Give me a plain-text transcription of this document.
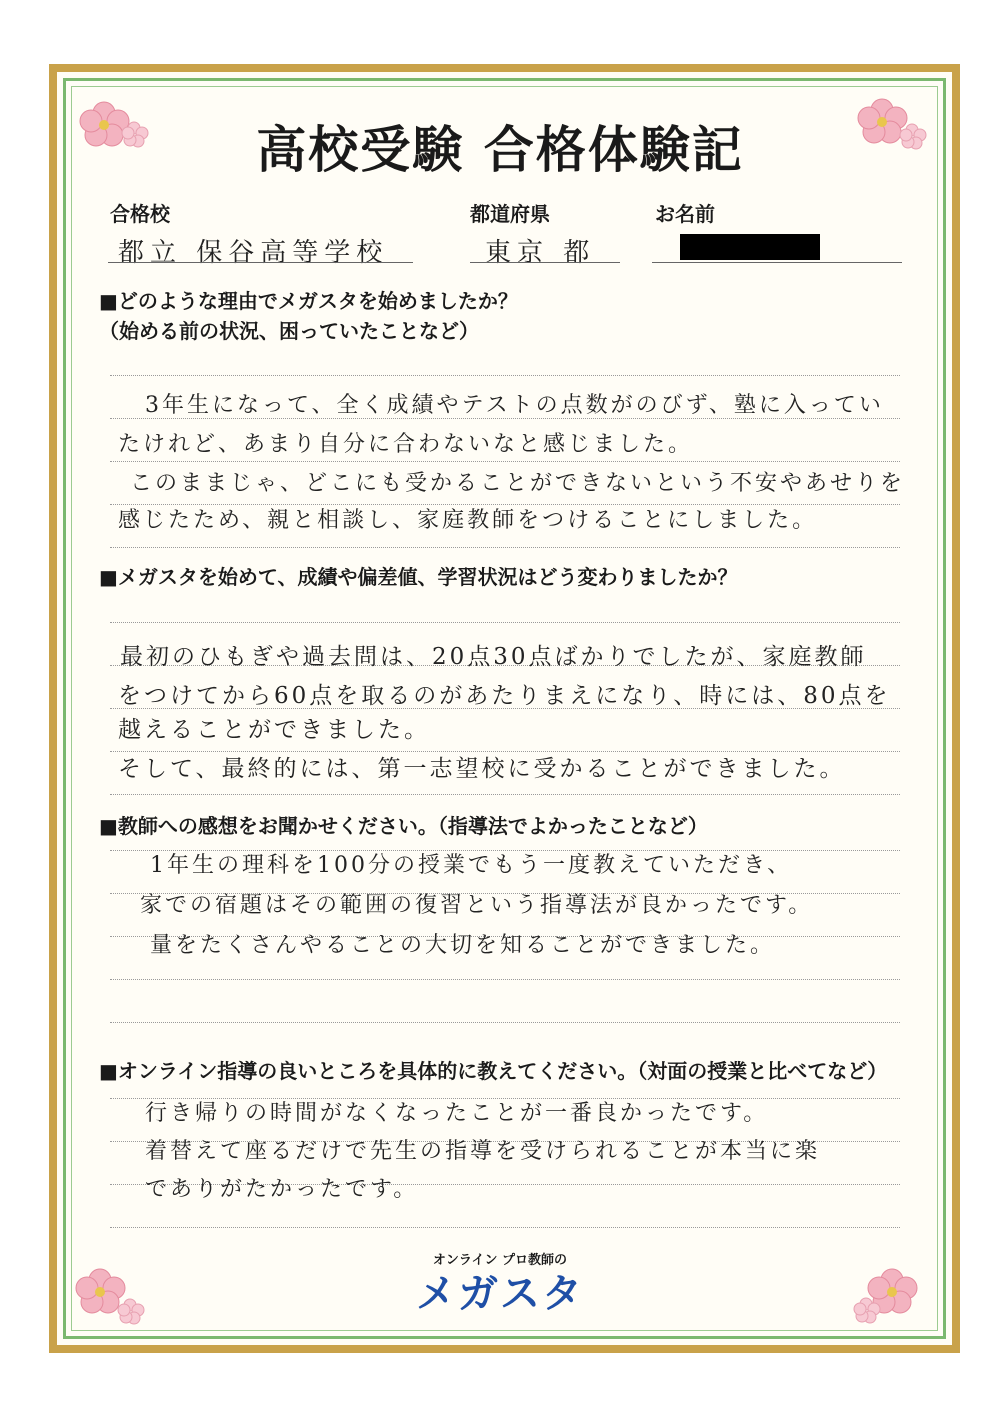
高校受験 合格体験記
合格校
都立 保谷高等学校
都道府県
東京 都
お名前
■どのような理由でメガスタを始めましたか？
（始める前の状況、困っていたことなど）
3年生になって、全く成績やテストの点数がのびず、塾に入ってい
たけれど、あまり自分に合わないなと感じました。
このままじゃ、どこにも受かることができないという不安やあせりを
感じたため、親と相談し、家庭教師をつけることにしました。
■メガスタを始めて、成績や偏差値、学習状況はどう変わりましたか？
最初のひもぎや過去問は、20点30点ばかりでしたが、家庭教師
をつけてから60点を取るのがあたりまえになり、時には、80点を
越えることができました。
そして、最終的には、第一志望校に受かることができました。
■教師への感想をお聞かせください。（指導法でよかったことなど）
1年生の理科を100分の授業でもう一度教えていただき、
家での宿題はその範囲の復習という指導法が良かったです。
量をたくさんやることの大切を知ることができました。
■オンライン指導の良いところを具体的に教えてください。（対面の授業と比べてなど）
行き帰りの時間がなくなったことが一番良かったです。
着替えて座るだけで先生の指導を受けられることが本当に楽
でありがたかったです。
オンライン プロ教師の
メガスタ
